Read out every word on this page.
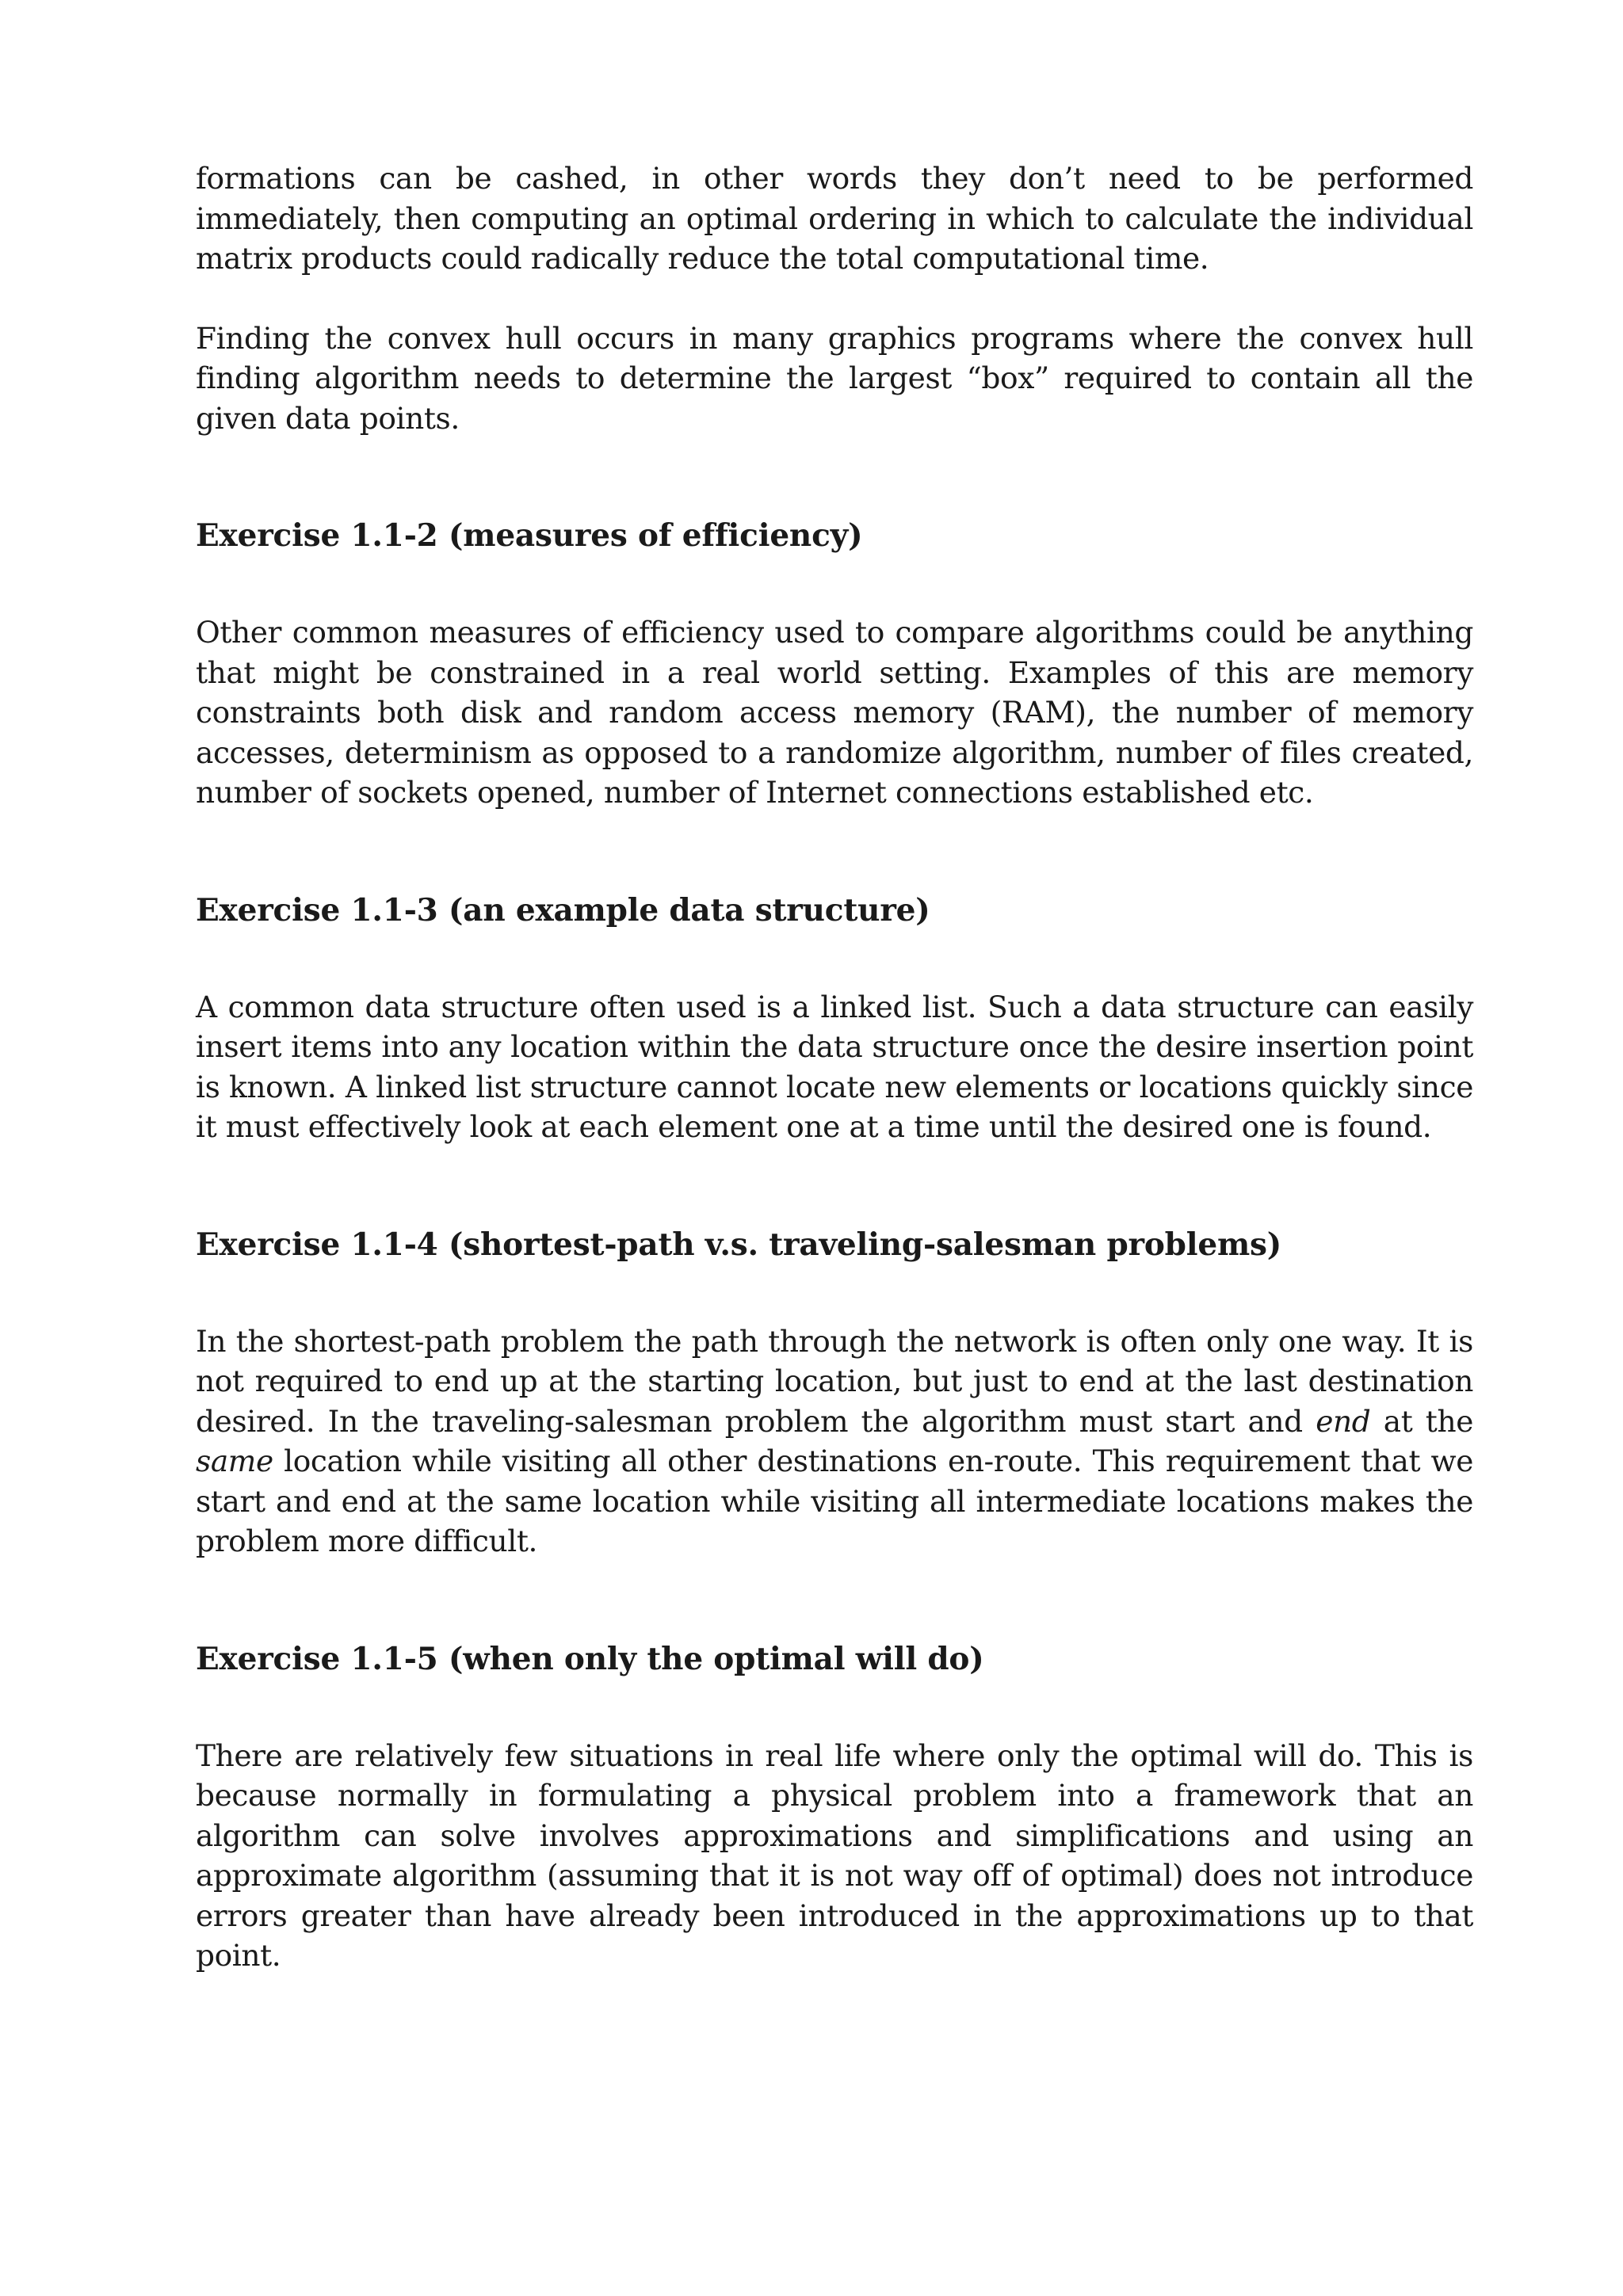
formations can be cashed, in other words they don’t need to be performed immediately, then computing an optimal ordering in which to calculate the individual matrix products could radically reduce the total computational time.

Finding the convex hull occurs in many graphics programs where the convex hull finding algorithm needs to determine the largest “box” required to contain all the given data points.

Exercise 1.1-2 (measures of efficiency)

Other common measures of efficiency used to compare algorithms could be anything that might be constrained in a real world setting. Examples of this are memory constraints both disk and random access memory (RAM), the number of memory accesses, determinism as opposed to a randomize algorithm, number of files created, number of sockets opened, number of Internet connections established etc.

Exercise 1.1-3 (an example data structure)

A common data structure often used is a linked list. Such a data structure can easily insert items into any location within the data structure once the desire insertion point is known. A linked list structure cannot locate new elements or locations quickly since it must effectively look at each element one at a time until the desired one is found.

Exercise 1.1-4 (shortest-path v.s. traveling-salesman problems)

In the shortest-path problem the path through the network is often only one way. It is not required to end up at the starting location, but just to end at the last destination desired. In the traveling-salesman problem the algorithm must start and end at the same location while visiting all other destinations en-route. This requirement that we start and end at the same location while visiting all intermediate locations makes the problem more difficult.

Exercise 1.1-5 (when only the optimal will do)

There are relatively few situations in real life where only the optimal will do. This is because normally in formulating a physical problem into a framework that an algorithm can solve involves approximations and simplifications and using an approximate algorithm (assuming that it is not way off of optimal) does not introduce errors greater than have already been introduced in the approximations up to that point.
